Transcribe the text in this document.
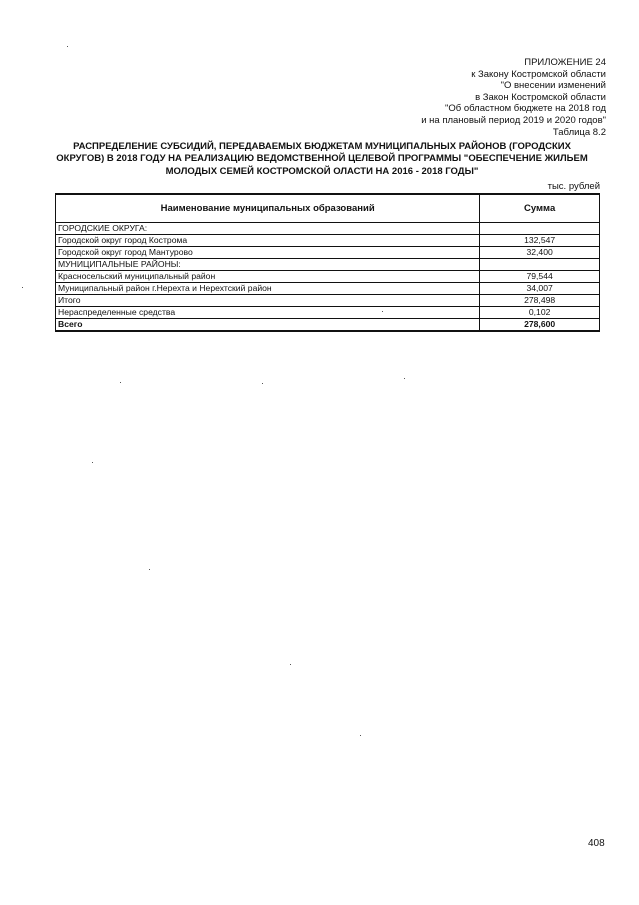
ПРИЛОЖЕНИЕ 24
к Закону Костромской области
"О внесении изменений
в Закон Костромской области
"Об областном бюджете на 2018 год
и на плановый период 2019 и 2020 годов"
Таблица 8.2
РАСПРЕДЕЛЕНИЕ СУБСИДИЙ, ПЕРЕДАВАЕМЫХ БЮДЖЕТАМ МУНИЦИПАЛЬНЫХ РАЙОНОВ (ГОРОДСКИХ
ОКРУГОВ) В 2018 ГОДУ НА РЕАЛИЗАЦИЮ ВЕДОМСТВЕННОЙ ЦЕЛЕВОЙ ПРОГРАММЫ "ОБЕСПЕЧЕНИЕ ЖИЛЬЕМ
МОЛОДЫХ СЕМЕЙ КОСТРОМСКОЙ ОЛАСТИ НА 2016 - 2018 ГОДЫ"
тыс. рублей
Наименование муниципальных образований	Сумма
ГОРОДСКИЕ ОКРУГА:	
Городской округ город Кострома	132,547
Городской округ город Мантурово	32,400
МУНИЦИПАЛЬНЫЕ РАЙОНЫ:	
Красносельский муниципальный район	79,544
Муниципальный район г.Нерехта и Нерехтский район	34,007
Итого	278,498
Нераспределенные средства	0,102
Всего	278,600
408
